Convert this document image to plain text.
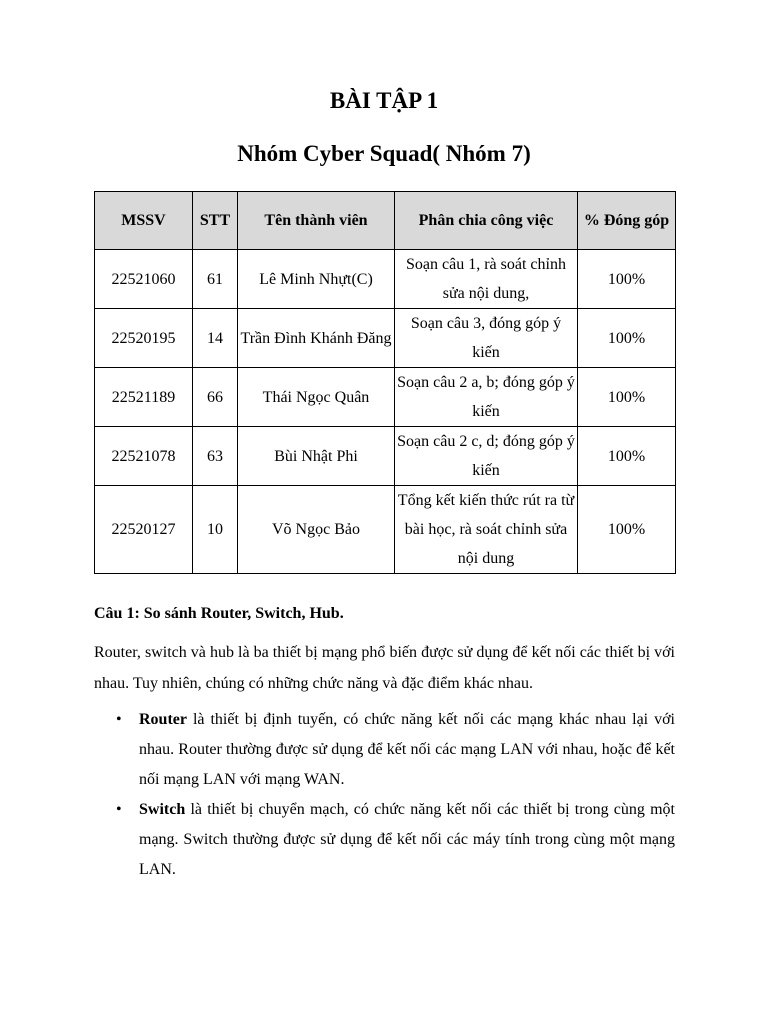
BÀI TẬP 1
Nhóm Cyber Squad( Nhóm 7)
MSSV	STT	Tên thành viên	Phân chia công việc	% Đóng góp
22521060	61	Lê Minh Nhựt(C)	Soạn câu 1, rà soát chỉnh sửa nội dung,	100%
22520195	14	Trần Đình Khánh Đăng	Soạn câu 3, đóng góp ý kiến	100%
22521189	66	Thái Ngọc Quân	Soạn câu 2 a, b; đóng góp ý kiến	100%
22521078	63	Bùi Nhật Phi	Soạn câu 2 c, d; đóng góp ý kiến	100%
22520127	10	Võ Ngọc Bảo	Tổng kết kiến thức rút ra từ bài học, rà soát chỉnh sửa nội dung	100%
Câu 1: So sánh Router, Switch, Hub.
Router, switch và hub là ba thiết bị mạng phổ biến được sử dụng để kết nối các thiết bị với nhau. Tuy nhiên, chúng có những chức năng và đặc điểm khác nhau.
• Router là thiết bị định tuyến, có chức năng kết nối các mạng khác nhau lại với nhau. Router thường được sử dụng để kết nối các mạng LAN với nhau, hoặc để kết nối mạng LAN với mạng WAN.
• Switch là thiết bị chuyển mạch, có chức năng kết nối các thiết bị trong cùng một mạng. Switch thường được sử dụng để kết nối các máy tính trong cùng một mạng LAN.
